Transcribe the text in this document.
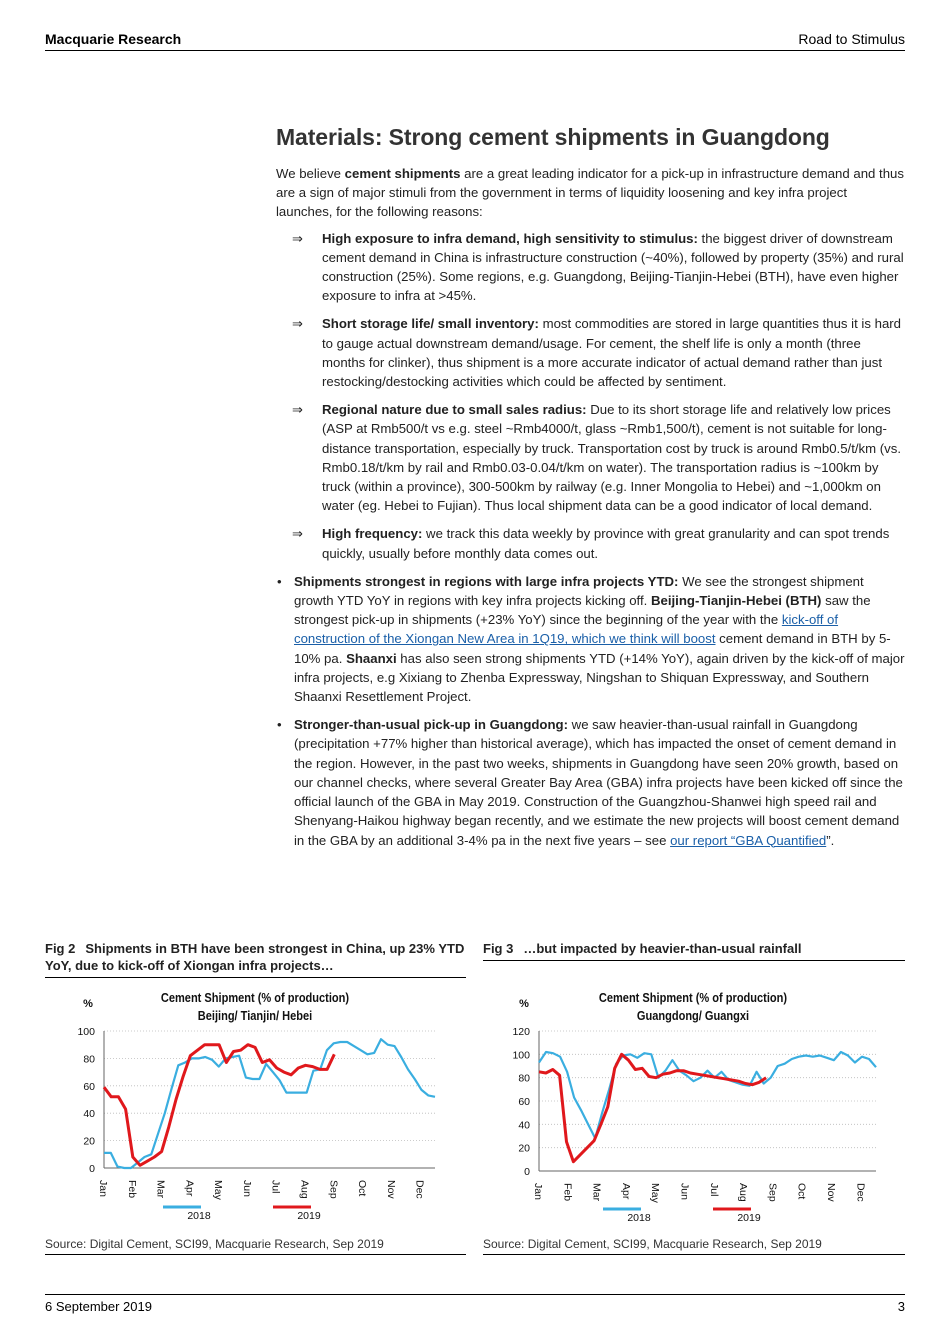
Macquarie Research	Road to Stimulus
Materials: Strong cement shipments in Guangdong

We believe cement shipments are a great leading indicator for a pick-up in infrastructure demand and thus are a sign of major stimuli from the government in terms of liquidity loosening and key infra project launches, for the following reasons:

⇒ High exposure to infra demand, high sensitivity to stimulus: the biggest driver of downstream cement demand in China is infrastructure construction (~40%), followed by property (35%) and rural construction (25%). Some regions, e.g. Guangdong, Beijing-Tianjin-Hebei (BTH), have even higher exposure to infra at >45%.
⇒ Short storage life/ small inventory: most commodities are stored in large quantities thus it is hard to gauge actual downstream demand/usage. For cement, the shelf life is only a month (three months for clinker), thus shipment is a more accurate indicator of actual demand rather than just restocking/destocking activities which could be affected by sentiment.
⇒ Regional nature due to small sales radius: Due to its short storage life and relatively low prices (ASP at Rmb500/t vs e.g. steel ~Rmb4000/t, glass ~Rmb1,500/t), cement is not suitable for long-distance transportation, especially by truck. Transportation cost by truck is around Rmb0.5/t/km (vs. Rmb0.18/t/km by rail and Rmb0.03-0.04/t/km on water). The transportation radius is ~100km by truck (within a province), 300-500km by railway (e.g. Inner Mongolia to Hebei) and ~1,000km on water (eg. Hebei to Fujian). Thus local shipment data can be a good indicator of local demand.
⇒ High frequency: we track this data weekly by province with great granularity and can spot trends quickly, usually before monthly data comes out.
• Shipments strongest in regions with large infra projects YTD: We see the strongest shipment growth YTD YoY in regions with key infra projects kicking off. Beijing-Tianjin-Hebei (BTH) saw the strongest pick-up in shipments (+23% YoY) since the beginning of the year with the kick-off of construction of the Xiongan New Area in 1Q19, which we think will boost cement demand in BTH by 5-10% pa. Shaanxi has also seen strong shipments YTD (+14% YoY), again driven by the kick-off of major infra projects, e.g Xixiang to Zhenba Expressway, Ningshan to Shiquan Expressway, and Southern Shaanxi Resettlement Project.
• Stronger-than-usual pick-up in Guangdong: we saw heavier-than-usual rainfall in Guangdong (precipitation +77% higher than historical average), which has impacted the onset of cement demand in the region. However, in the past two weeks, shipments in Guangdong have seen 20% growth, based on our channel checks, where several Greater Bay Area (GBA) infra projects have been kicked off since the official launch of the GBA in May 2019. Construction of the Guangzhou-Shanwei high speed rail and Shenyang-Haikou highway began recently, and we estimate the new projects will boost cement demand in the GBA by an additional 3-4% pa in the next five years – see our report “GBA Quantified”.
Fig 2 Shipments in BTH have been strongest in China, up 23% YTD YoY, due to kick-off of Xiongan infra projects…
Cement Shipment (% of production)
Beijing/ Tianjin/ Hebei
%
0
20
40
60
80
100
Jan Feb Mar Apr May Jun Jul Aug Sep Oct Nov Dec
2018	2019
Source: Digital Cement, SCI99, Macquarie Research, Sep 2019
Fig 3 …but impacted by heavier-than-usual rainfall
Cement Shipment (% of production)
Guangdong/ Guangxi
%
0
20
40
60
80
100
120
Jan Feb Mar Apr May Jun Jul Aug Sep Oct Nov Dec
2018	2019
Source: Digital Cement, SCI99, Macquarie Research, Sep 2019
6 September 2019	3
